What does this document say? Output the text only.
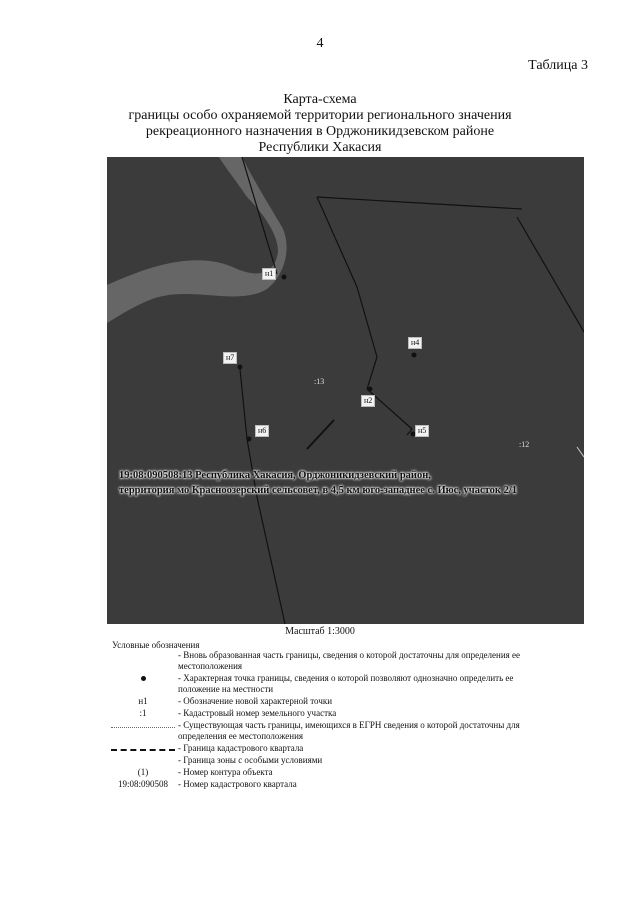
4
Таблица 3
Карта-схема
границы особо охраняемой территории регионального значения
рекреационного назначения в Орджоникидзевском районе
Республики Хакасия
н1
н2
н4
н5
н6
н7
:13
:12
19:08:090508:13 Республика Хакасия, Орджоникидзевский район,
территория мо Красноозерский сельсовет, в 4,5 км юго-западнее с. Июс, участок 2/1
Масштаб 1:3000
Условные обозначения
- Вновь образованная часть границы, сведения о которой достаточны для определения ее местоположения
- Характерная точка границы, сведения о которой позволяют однозначно определить ее положение на местности
н1	- Обозначение новой характерной точки
:1	- Кадастровый номер земельного участка
- Существующая часть границы, имеющихся в ЕГРН сведения о которой достаточны для определения ее местоположения
- Граница кадастрового квартала
- Граница зоны с особыми условиями
(1)	- Номер контура объекта
19:08:090508	- Номер кадастрового квартала
